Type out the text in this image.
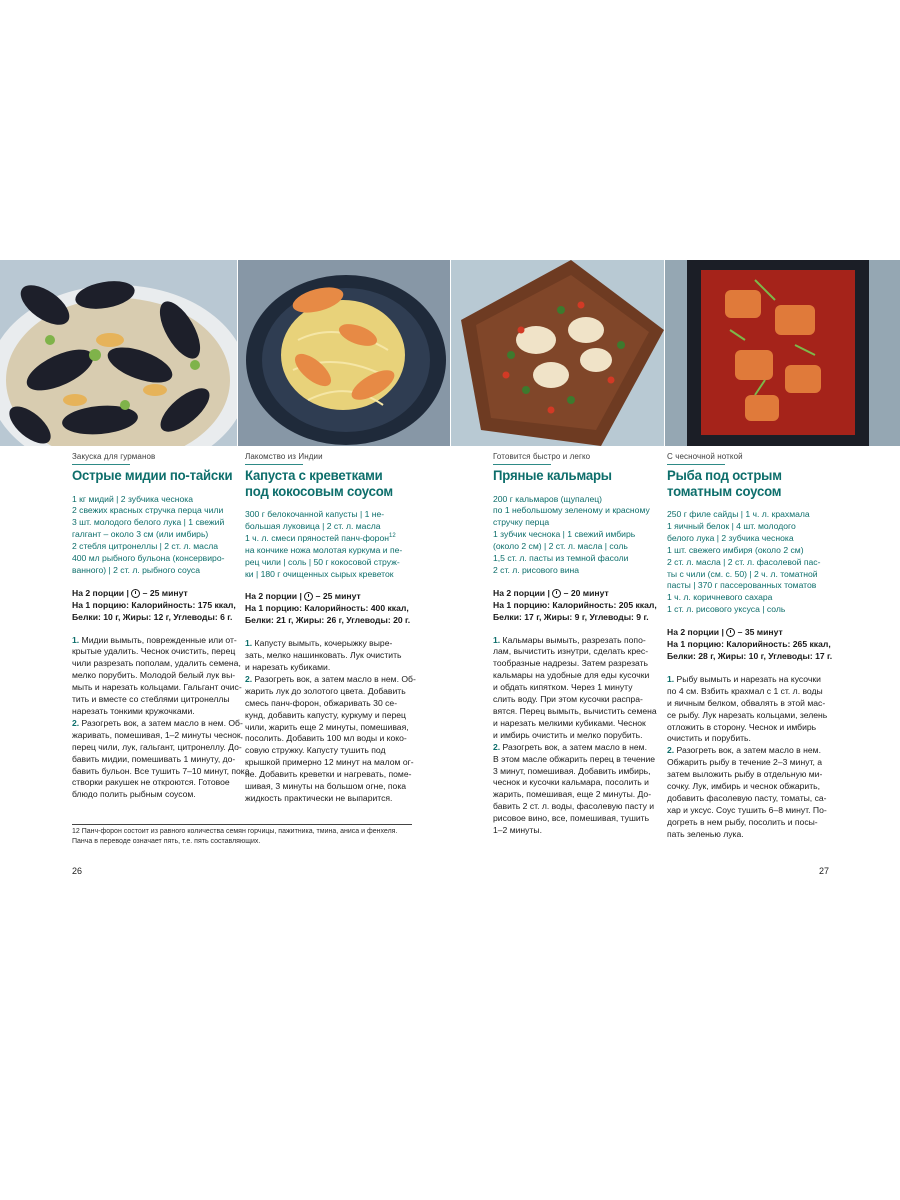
Закуска для гурманов
Острые мидии по-тайски
1 кг мидий | 2 зубчика чеснока
2 свежих красных стручка перца чили
3 шт. молодого белого лука | 1 свежий
галгант – около 3 см (или имбирь)
2 стебля цитронеллы | 2 ст. л. масла
400 мл рыбного бульона (консервиро-
ванного) | 2 ст. л. рыбного соуса
На 2 порции |  – 25 минут
На 1 порцию: Калорийность: 175 ккал,
Белки: 10 г, Жиры: 12 г, Углеводы: 6 г.
1. Мидии вымыть, поврежденные или от-
крытые удалить. Чеснок очистить, перец
чили разрезать пополам, удалить семена,
мелко порубить. Молодой белый лук вы-
мыть и нарезать кольцами. Гальгант очис-
тить и вместе со стеблями цитронеллы
нарезать тонкими кружочками.
2. Разогреть вок, а затем масло в нем. Об-
жаривать, помешивая, 1–2 минуты чеснок,
перец чили, лук, гальгант, цитронеллу. До-
бавить мидии, помешивать 1 минуту, до-
бавить бульон. Все тушить 7–10 минут, пока
створки ракушек не откроются. Готовое
блюдо полить рыбным соусом.
Лакомство из Индии
Капуста с креветками
под кокосовым соусом
300 г белокочанной капусты | 1 не-
большая луковица | 2 ст. л. масла
1 ч. л. смеси пряностей панч-форон$^{12}$
на кончике ножа молотая куркума и пе-
рец чили | соль | 50 г кокосовой струж-
ки | 180 г очищенных сырых креветок
На 2 порции |  – 25 минут
На 1 порцию: Калорийность: 400 ккал,
Белки: 21 г, Жиры: 26 г, Углеводы: 20 г.
1. Капусту вымыть, кочерыжку выре-
зать, мелко нашинковать. Лук очистить
и нарезать кубиками.
2. Разогреть вок, а затем масло в нем. Об-
жарить лук до золотого цвета. Добавить
смесь панч-форон, обжаривать 30 се-
кунд, добавить капусту, куркуму и перец
чили, жарить еще 2 минуты, помешивая,
посолить. Добавить 100 мл воды и коко-
совую стружку. Капусту тушить под
крышкой примерно 12 минут на малом ог-
не. Добавить креветки и нагревать, поме-
шивая, 3 минуты на большом огне, пока
жидкость практически не выпарится.
Готовится быстро и легко
Пряные кальмары
200 г кальмаров (щупалец)
по 1 небольшому зеленому и красному
стручку перца
1 зубчик чеснока | 1 свежий имбирь
(около 2 см) | 2 ст. л. масла | соль
1,5 ст. л. пасты из темной фасоли
2 ст. л. рисового вина
На 2 порции |  – 20 минут
На 1 порцию: Калорийность: 205 ккал,
Белки: 17 г, Жиры: 9 г, Углеводы: 9 г.
1. Кальмары вымыть, разрезать попо-
лам, вычистить изнутри, сделать крес-
тообразные надрезы. Затем разрезать
кальмары на удобные для еды кусочки
и обдать кипятком. Через 1 минуту
слить воду. При этом кусочки распра-
вятся. Перец вымыть, вычистить семена
и нарезать мелкими кубиками. Чеснок
и имбирь очистить и мелко порубить.
2. Разогреть вок, а затем масло в нем.
В этом масле обжарить перец в течение
3 минут, помешивая. Добавить имбирь,
чеснок и кусочки кальмара, посолить и
жарить, помешивая, еще 2 минуты. До-
бавить 2 ст. л. воды, фасолевую пасту и
рисовое вино, все, помешивая, тушить
1–2 минуты.
С чесночной ноткой
Рыба под острым
томатным соусом
250 г филе сайды | 1 ч. л. крахмала
1 яичный белок | 4 шт. молодого
белого лука | 2 зубчика чеснока
1 шт. свежего имбиря (около 2 см)
2 ст. л. масла | 2 ст. л. фасолевой пас-
ты с чили (см. с. 50) | 2 ч. л. томатной
пасты | 370 г пассерованных томатов
1 ч. л. коричневого сахара
1 ст. л. рисового уксуса | соль
На 2 порции |  – 35 минут
На 1 порцию: Калорийность: 265 ккал,
Белки: 28 г, Жиры: 10 г, Углеводы: 17 г.
1. Рыбу вымыть и нарезать на кусочки
по 4 см. Взбить крахмал с 1 ст. л. воды
и яичным белком, обвалять в этой мас-
се рыбу. Лук нарезать кольцами, зелень
отложить в сторону. Чеснок и имбирь
очистить и порубить.
2. Разогреть вок, а затем масло в нем.
Обжарить рыбу в течение 2–3 минут, а
затем выложить рыбу в отдельную ми-
сочку. Лук, имбирь и чеснок обжарить,
добавить фасолевую пасту, томаты, са-
хар и уксус. Соус тушить 6–8 минут. По-
догреть в нем рыбу, посолить и посы-
пать зеленью лука.
12 Панч-форон состоит из равного количества семян горчицы, пажитника, тмина, аниса и фенхеля.
Панча в переводе означает пять, т.е. пять составляющих.
26	27
